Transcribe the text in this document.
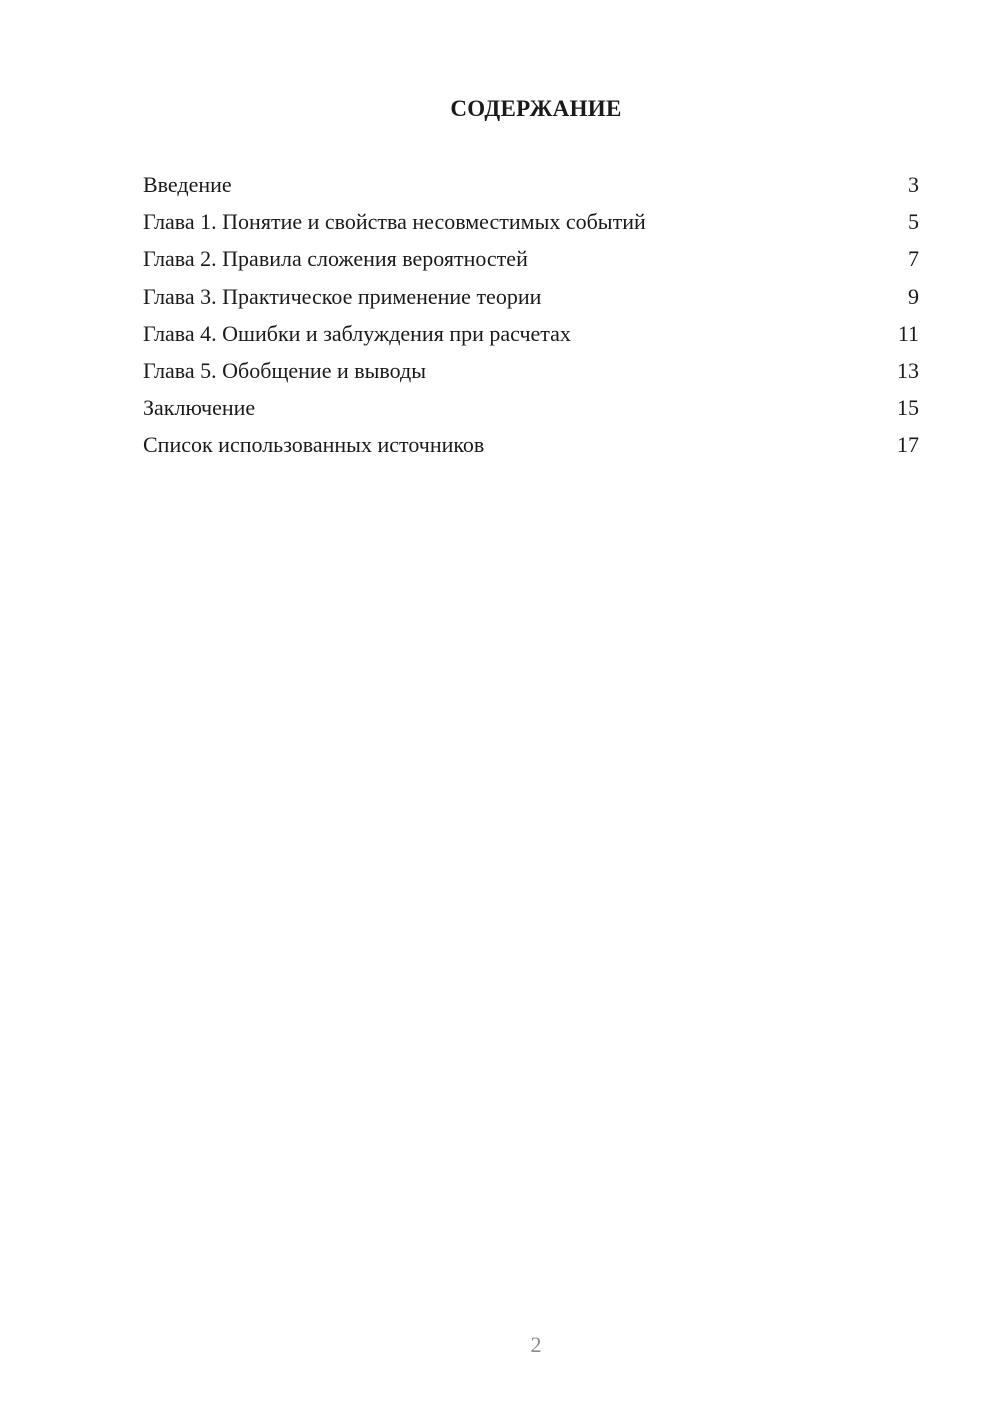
СОДЕРЖАНИЕ
Введение	3
Глава 1. Понятие и свойства несовместимых событий	5
Глава 2. Правила сложения вероятностей	7
Глава 3. Практическое применение теории	9
Глава 4. Ошибки и заблуждения при расчетах	11
Глава 5. Обобщение и выводы	13
Заключение	15
Список использованных источников	17
2
